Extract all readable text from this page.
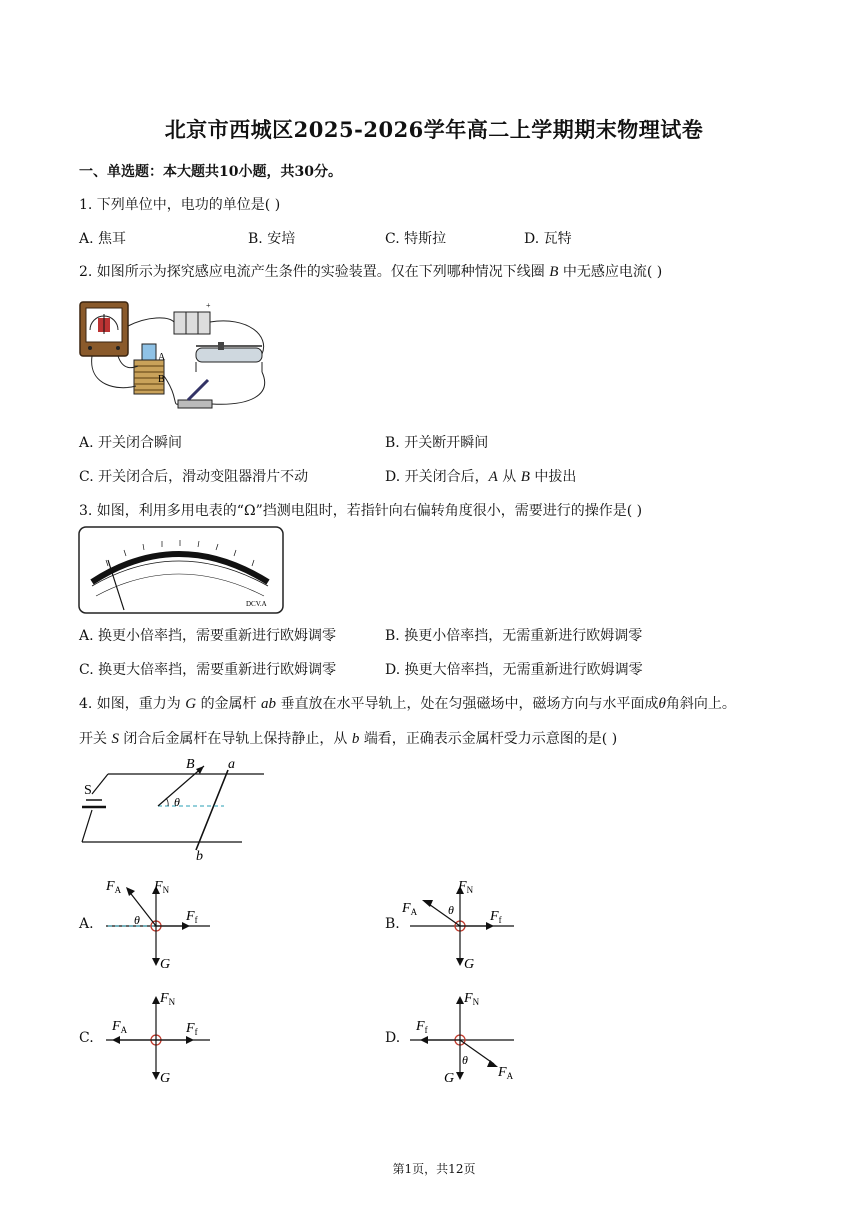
北京市西城区2025-2026学年高二上学期期末物理试卷
一、单选题：本大题共10小题，共30分。
1. 下列单位中，电功的单位是( )
A. 焦耳	B. 安培	C. 特斯拉	D. 瓦特
2. 如图所示为探究感应电流产生条件的实验装置。仅在下列哪种情况下线圈 B 中无感应电流( )
+
A
B
A. 开关闭合瞬间	B. 开关断开瞬间
C. 开关闭合后，滑动变阻器滑片不动	D. 开关闭合后，A 从 B 中拔出
3. 如图，利用多用电表的“Ω”挡测电阻时，若指针向右偏转角度很小，需要进行的操作是( )
DCV.A
A. 换更小倍率挡，需要重新进行欧姆调零	B. 换更小倍率挡，无需重新进行欧姆调零
C. 换更大倍率挡，需要重新进行欧姆调零	D. 换更大倍率挡，无需重新进行欧姆调零
4. 如图，重力为 G 的金属杆 ab 垂直放在水平导轨上，处在匀强磁场中，磁场方向与水平面成θ角斜向上。
开关 S 闭合后金属杆在导轨上保持静止，从 b 端看，正确表示金属杆受力示意图的是( )
S
B a
b
θ
A.
$F_A$ $F_N$
$F_f$
G
θ	B.
$F_A$
$F_N$
$F_f$
G
θ
C.
$F_A$
$F_N$
$F_f$
G
D.
$F_f$
$F_N$
$F_A$
G
θ
第1页，共12页
